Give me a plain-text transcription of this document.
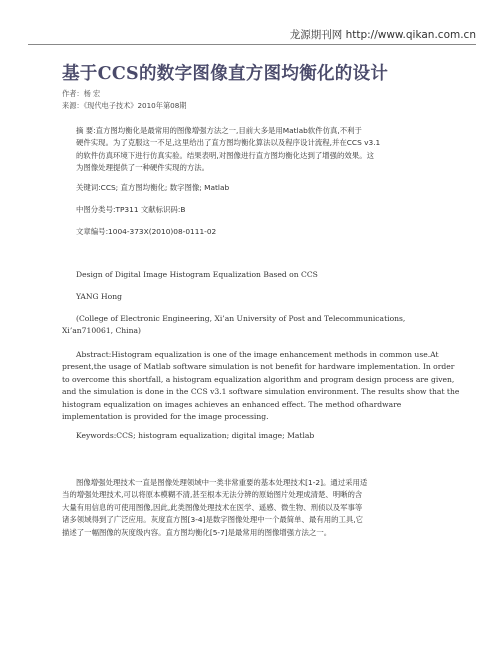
龙源期刊网 http://www.qikan.com.cn
基于CCS的数字图像直方图均衡化的设计
作者：杨 宏
来源：《现代电子技术》2010年第08期

摘 要:直方图均衡化是最常用的图像增强方法之一,目前大多是用Matlab软件仿真,不利于
硬件实现。为了克服这一不足,这里给出了直方图均衡化算法以及程序设计流程,并在CCS v3.1
的软件仿真环境下进行仿真实验。结果表明,对图像进行直方图均衡化达到了增强的效果。这
为图像处理提供了一种硬件实现的方法。

关键词:CCS; 直方图均衡化; 数字图像; Matlab

中图分类号:TP311 文献标识码:B

文章编号:1004-373X(2010)08-0111-02

Design of Digital Image Histogram Equalization Based on CCS

YANG Hong

(College of Electronic Engineering, Xi’an University of Post and Telecommunications,
Xi’an710061, China)

Abstract:Histogram equalization is one of the image enhancement methods in common use.At
present,the usage of Matlab software simulation is not benefit for hardware implementation. In order
to overcome this shortfall, a histogram equalization algorithm and program design process are given,
and the simulation is done in the CCS v3.1 software simulation environment. The results show that the
histogram equalization on images achieves an enhanced effect. The method ofhardware
implementation is provided for the image processing.

Keywords:CCS; histogram equalization; digital image; Matlab

图像增强处理技术一直是图像处理领域中一类非常重要的基本处理技术[1-2]。通过采用适
当的增强处理技术,可以将原本模糊不清,甚至根本无法分辨的原始图片处理成清楚、明晰的含
大量有用信息的可使用图像,因此,此类图像处理技术在医学、遥感、微生物、刑侦以及军事等
诸多领域得到了广泛应用。灰度直方图[3-4]是数字图像处理中一个最简单、最有用的工具,它
描述了一幅图像的灰度级内容。直方图均衡化[5-7]是最常用的图像增强方法之一。
